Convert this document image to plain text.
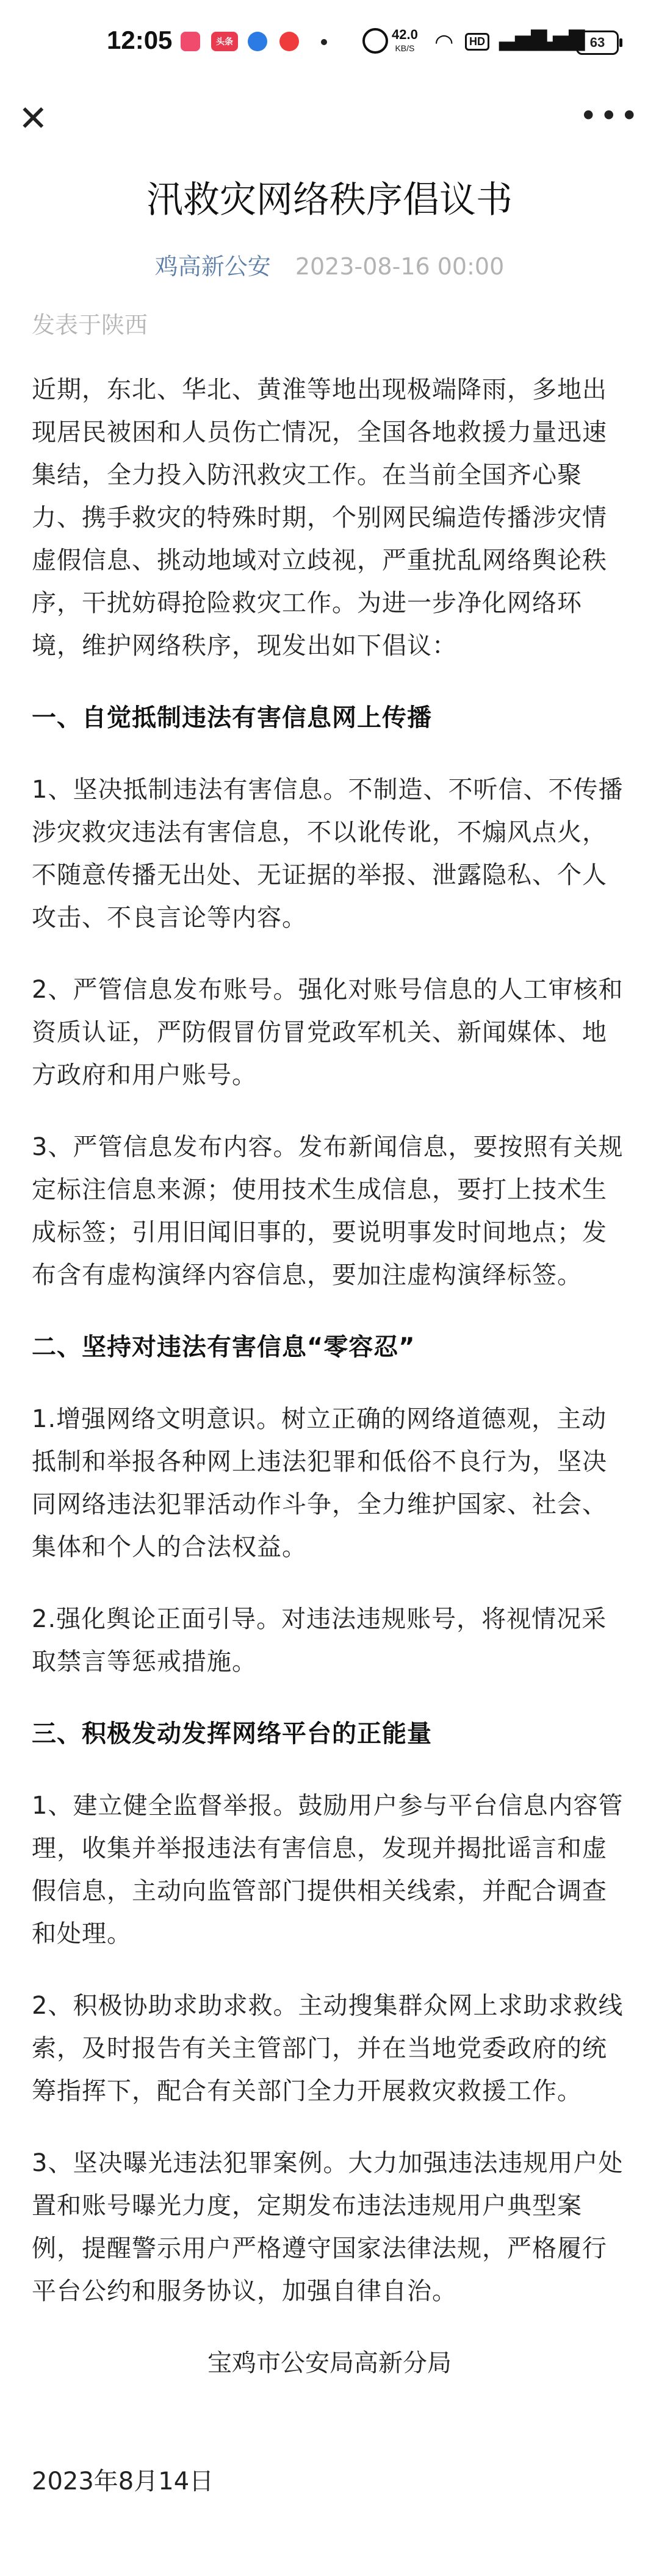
12:05	头条	42.0
KB/S ◠	HD ▃▅▇
▃▅▇ 63
✕	•••
汛救灾网络秩序倡议书
鸡高新公安 2023-08-16 00:00
发表于陕西

近期，东北、华北、黄淮等地出现极端降雨，多地出现居民被困和人员伤亡情况，全国各地救援力量迅速集结，全力投入防汛救灾工作。在当前全国齐心聚力、携手救灾的特殊时期，个别网民编造传播涉灾情虚假信息、挑动地域对立歧视，严重扰乱网络舆论秩序，干扰妨碍抢险救灾工作。为进一步净化网络环境，维护网络秩序，现发出如下倡议：

一、自觉抵制违法有害信息网上传播

1、坚决抵制违法有害信息。不制造、不听信、不传播涉灾救灾违法有害信息，不以讹传讹，不煽风点火，不随意传播无出处、无证据的举报、泄露隐私、个人攻击、不良言论等内容。

2、严管信息发布账号。强化对账号信息的人工审核和资质认证，严防假冒仿冒党政军机关、新闻媒体、地方政府和用户账号。

3、严管信息发布内容。发布新闻信息，要按照有关规定标注信息来源；使用技术生成信息，要打上技术生成标签；引用旧闻旧事的，要说明事发时间地点；发布含有虚构演绎内容信息，要加注虚构演绎标签。

二、坚持对违法有害信息“零容忍”

1.增强网络文明意识。树立正确的网络道德观，主动抵制和举报各种网上违法犯罪和低俗不良行为，坚决同网络违法犯罪活动作斗争，全力维护国家、社会、集体和个人的合法权益。

2.强化舆论正面引导。对违法违规账号，将视情况采取禁言等惩戒措施。

三、积极发动发挥网络平台的正能量

1、建立健全监督举报。鼓励用户参与平台信息内容管理，收集并举报违法有害信息，发现并揭批谣言和虚假信息，主动向监管部门提供相关线索，并配合调查和处理。

2、积极协助求助求救。主动搜集群众网上求助求救线索，及时报告有关主管部门，并在当地党委政府的统筹指挥下，配合有关部门全力开展救灾救援工作。

3、坚决曝光违法犯罪案例。大力加强违法违规用户处置和账号曝光力度，定期发布违法违规用户典型案例，提醒警示用户严格遵守国家法律法规，严格履行平台公约和服务协议，加强自律自治。

宝鸡市公安局高新分局

2023年8月14日
